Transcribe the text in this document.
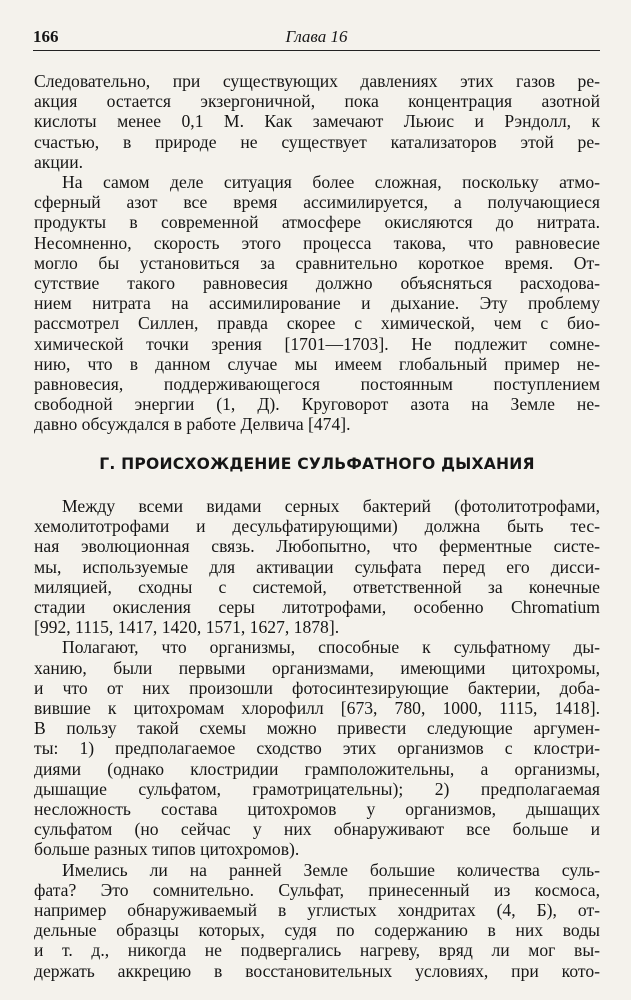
166	Глава 16
Следовательно, при существующих давлениях этих газов ре-
акция остается экзергоничной, пока концентрация азотной
кислоты менее 0,1 М. Как замечают Льюис и Рэндолл, к
счастью, в природе не существует катализаторов этой ре-
акции.
На самом деле ситуация более сложная, поскольку атмо-
сферный азот все время ассимилируется, а получающиеся
продукты в современной атмосфере окисляются до нитрата.
Несомненно, скорость этого процесса такова, что равновесие
могло бы установиться за сравнительно короткое время. От-
сутствие такого равновесия должно объясняться расходова-
нием нитрата на ассимилирование и дыхание. Эту проблему
рассмотрел Силлен, правда скорее с химической, чем с био-
химической точки зрения [1701—1703]. Не подлежит сомне-
нию, что в данном случае мы имеем глобальный пример не-
равновесия, поддерживающегося постоянным поступлением
свободной энергии (1, Д). Круговорот азота на Земле не-
давно обсуждался в работе Делвича [474].
Г. ПРОИСХОЖДЕНИЕ СУЛЬФАТНОГО ДЫХАНИЯ
Между всеми видами серных бактерий (фотолитотрофами,
хемолитотрофами и десульфатирующими) должна быть тес-
ная эволюционная связь. Любопытно, что ферментные систе-
мы, используемые для активации сульфата перед его дисси-
миляцией, сходны с системой, ответственной за конечные
стадии окисления серы литотрофами, особенно Chromatium
[992, 1115, 1417, 1420, 1571, 1627, 1878].
Полагают, что организмы, способные к сульфатному ды-
ханию, были первыми организмами, имеющими цитохромы,
и что от них произошли фотосинтезирующие бактерии, доба-
вившие к цитохромам хлорофилл [673, 780, 1000, 1115, 1418].
В пользу такой схемы можно привести следующие аргумен-
ты: 1) предполагаемое сходство этих организмов с клостри-
диями (однако клостридии грамположительны, а организмы,
дышащие сульфатом, грамотрицательны); 2) предполагаемая
несложность состава цитохромов у организмов, дышащих
сульфатом (но сейчас у них обнаруживают все больше и
больше разных типов цитохромов).
Имелись ли на ранней Земле большие количества суль-
фата? Это сомнительно. Сульфат, принесенный из космоса,
например обнаруживаемый в углистых хондритах (4, Б), от-
дельные образцы которых, судя по содержанию в них воды
и т. д., никогда не подвергались нагреву, вряд ли мог вы-
держать аккрецию в восстановительных условиях, при кото-
